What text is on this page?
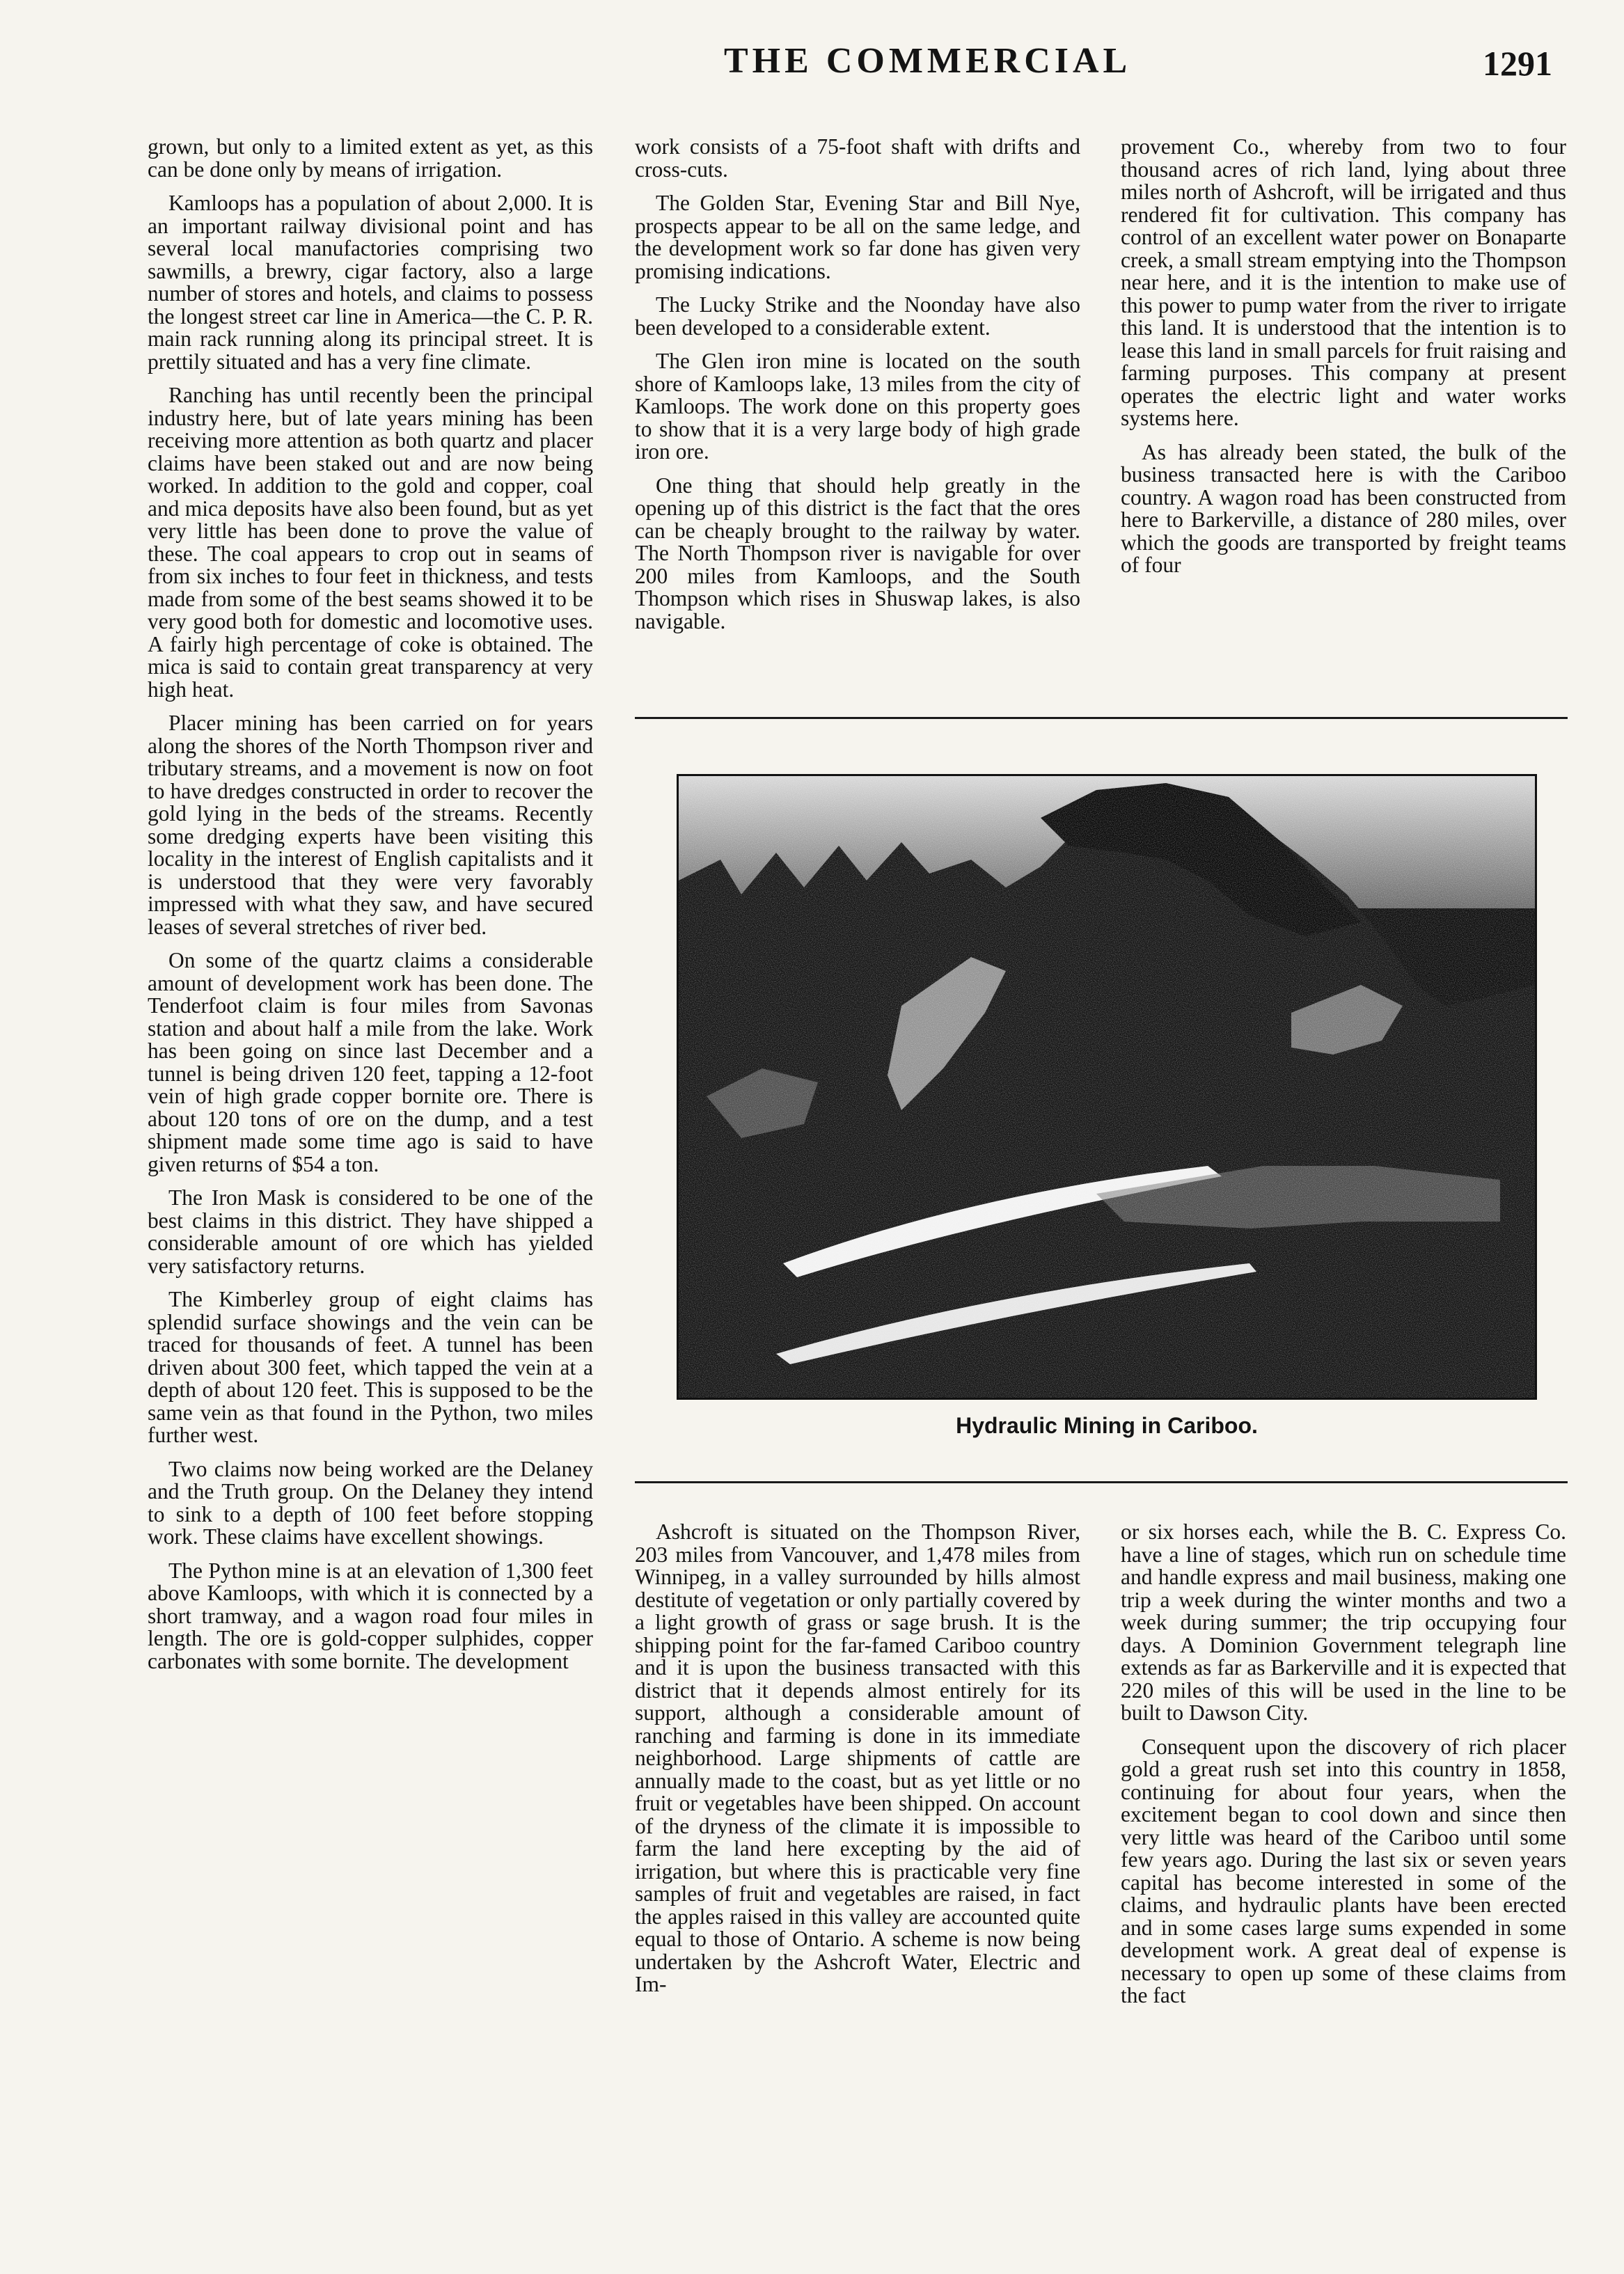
THE COMMERCIAL	1291

grown, but only to a limited extent as yet, as this can be done only by means of irrigation.

Kamloops has a population of about 2,000. It is an important railway divisional point and has several local manufactories comprising two sawmills, a brewry, cigar factory, also a large number of stores and hotels, and claims to possess the longest street car line in America—the C. P. R. main rack running along its principal street. It is prettily situated and has a very fine climate.

Ranching has until recently been the principal industry here, but of late years mining has been receiving more attention as both quartz and placer claims have been staked out and are now being worked. In addition to the gold and copper, coal and mica deposits have also been found, but as yet very little has been done to prove the value of these. The coal appears to crop out in seams of from six inches to four feet in thickness, and tests made from some of the best seams showed it to be very good both for domestic and locomotive uses. A fairly high percentage of coke is obtained. The mica is said to contain great transparency at very high heat.

Placer mining has been carried on for years along the shores of the North Thompson river and tributary streams, and a movement is now on foot to have dredges constructed in order to recover the gold lying in the beds of the streams. Recently some dredging experts have been visiting this locality in the interest of English capitalists and it is understood that they were very favorably impressed with what they saw, and have secured leases of several stretches of river bed.

On some of the quartz claims a considerable amount of development work has been done. The Tenderfoot claim is four miles from Savonas station and about half a mile from the lake. Work has been going on since last December and a tunnel is being driven 120 feet, tapping a 12-foot vein of high grade copper bornite ore. There is about 120 tons of ore on the dump, and a test shipment made some time ago is said to have given returns of $54 a ton.

The Iron Mask is considered to be one of the best claims in this district. They have shipped a considerable amount of ore which has yielded very satisfactory returns.

The Kimberley group of eight claims has splendid surface showings and the vein can be traced for thousands of feet. A tunnel has been driven about 300 feet, which tapped the vein at a depth of about 120 feet. This is supposed to be the same vein as that found in the Python, two miles further west.

Two claims now being worked are the Delaney and the Truth group. On the Delaney they intend to sink to a depth of 100 feet before stopping work. These claims have excellent showings.

The Python mine is at an elevation of 1,300 feet above Kamloops, with which it is connected by a short tramway, and a wagon road four miles in length. The ore is gold-copper sulphides, copper carbonates with some bornite. The development

work consists of a 75-foot shaft with drifts and cross-cuts.

The Golden Star, Evening Star and Bill Nye, prospects appear to be all on the same ledge, and the development work so far done has given very promising indications.

The Lucky Strike and the Noonday have also been developed to a considerable extent.

The Glen iron mine is located on the south shore of Kamloops lake, 13 miles from the city of Kamloops. The work done on this property goes to show that it is a very large body of high grade iron ore.

One thing that should help greatly in the opening up of this district is the fact that the ores can be cheaply brought to the railway by water. The North Thompson river is navigable for over 200 miles from Kamloops, and the South Thompson which rises in Shuswap lakes, is also navigable.

provement Co., whereby from two to four thousand acres of rich land, lying about three miles north of Ashcroft, will be irrigated and thus rendered fit for cultivation. This company has control of an excellent water power on Bonaparte creek, a small stream emptying into the Thompson near here, and it is the intention to make use of this power to pump water from the river to irrigate this land. It is understood that the intention is to lease this land in small parcels for fruit raising and farming purposes. This company at present operates the electric light and water works systems here.

As has already been stated, the bulk of the business transacted here is with the Cariboo country. A wagon road has been constructed from here to Barkerville, a distance of 280 miles, over which the goods are transported by freight teams of four

Hydraulic Mining in Cariboo.

Ashcroft is situated on the Thompson River, 203 miles from Vancouver, and 1,478 miles from Winnipeg, in a valley surrounded by hills almost destitute of vegetation or only partially covered by a light growth of grass or sage brush. It is the shipping point for the far-famed Cariboo country and it is upon the business transacted with this district that it depends almost entirely for its support, although a considerable amount of ranching and farming is done in its immediate neighborhood. Large shipments of cattle are annually made to the coast, but as yet little or no fruit or vegetables have been shipped. On account of the dryness of the climate it is impossible to farm the land here excepting by the aid of irrigation, but where this is practicable very fine samples of fruit and vegetables are raised, in fact the apples raised in this valley are accounted quite equal to those of Ontario. A scheme is now being undertaken by the Ashcroft Water, Electric and Im-

or six horses each, while the B. C. Express Co. have a line of stages, which run on schedule time and handle express and mail business, making one trip a week during the winter months and two a week during summer; the trip occupying four days. A Dominion Government telegraph line extends as far as Barkerville and it is expected that 220 miles of this will be used in the line to be built to Dawson City.

Consequent upon the discovery of rich placer gold a great rush set into this country in 1858, continuing for about four years, when the excitement began to cool down and since then very little was heard of the Cariboo until some few years ago. During the last six or seven years capital has become interested in some of the claims, and hydraulic plants have been erected and in some cases large sums expended in some development work. A great deal of expense is necessary to open up some of these claims from the fact
